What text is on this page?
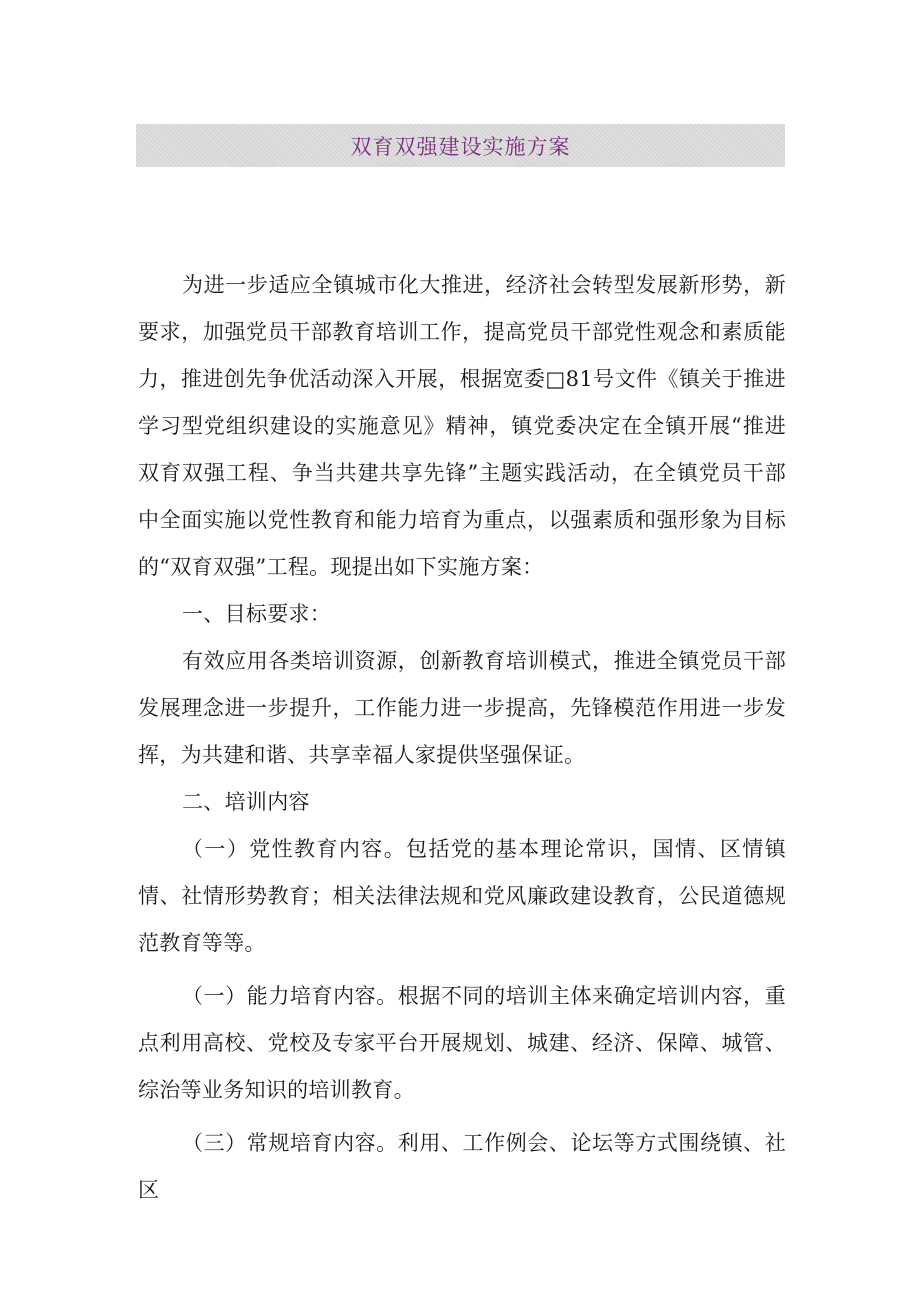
双育双强建设实施方案

为进一步适应全镇城市化大推进，经济社会转型发展新形势，新要求，加强党员干部教育培训工作，提高党员干部党性观念和素质能力，推进创先争优活动深入开展，根据宽委□81号文件《镇关于推进学习型党组织建设的实施意见》精神，镇党委决定在全镇开展“推进双育双强工程、争当共建共享先锋”主题实践活动，在全镇党员干部中全面实施以党性教育和能力培育为重点，以强素质和强形象为目标的“双育双强”工程。现提出如下实施方案：

一、目标要求：

有效应用各类培训资源，创新教育培训模式，推进全镇党员干部发展理念进一步提升，工作能力进一步提高，先锋模范作用进一步发挥，为共建和谐、共享幸福人家提供坚强保证。

二、培训内容

（一）党性教育内容。包括党的基本理论常识，国情、区情镇情、社情形势教育；相关法律法规和党风廉政建设教育，公民道德规范教育等等。

（一）能力培育内容。根据不同的培训主体来确定培训内容，重点利用高校、党校及专家平台开展规划、城建、经济、保障、城管、综治等业务知识的培训教育。

（三）常规培育内容。利用、工作例会、论坛等方式围绕镇、社区
